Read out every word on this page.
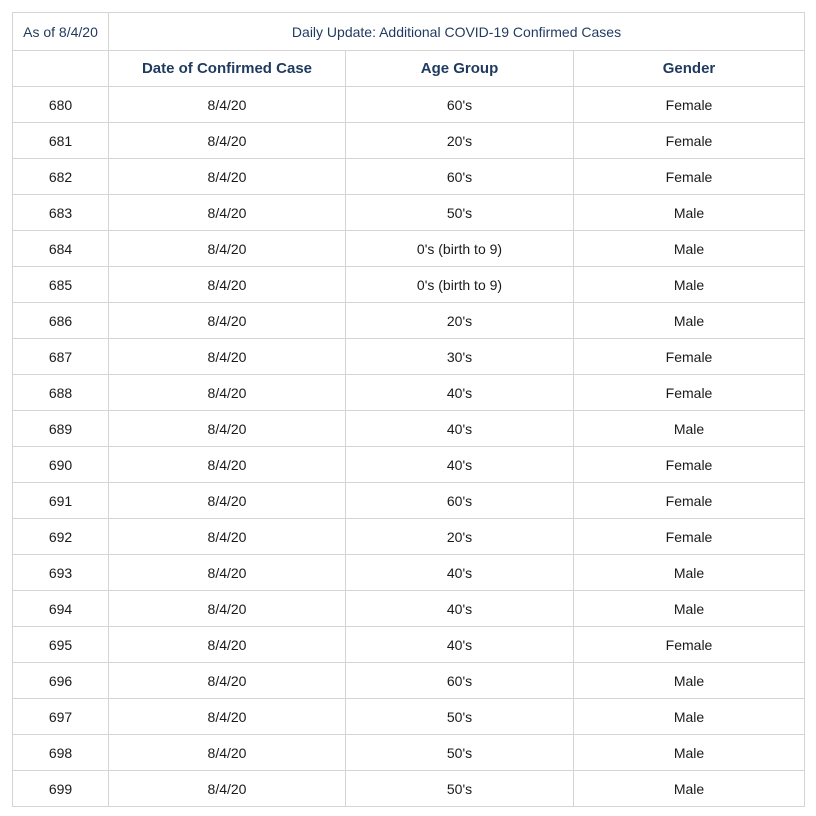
As of 8/4/20	Daily Update: Additional COVID-19 Confirmed Cases		
	Date of Confirmed Case	Age Group	Gender
680	8/4/20	60's	Female
681	8/4/20	20's	Female
682	8/4/20	60's	Female
683	8/4/20	50's	Male
684	8/4/20	0's (birth to 9)	Male
685	8/4/20	0's (birth to 9)	Male
686	8/4/20	20's	Male
687	8/4/20	30's	Female
688	8/4/20	40's	Female
689	8/4/20	40's	Male
690	8/4/20	40's	Female
691	8/4/20	60's	Female
692	8/4/20	20's	Female
693	8/4/20	40's	Male
694	8/4/20	40's	Male
695	8/4/20	40's	Female
696	8/4/20	60's	Male
697	8/4/20	50's	Male
698	8/4/20	50's	Male
699	8/4/20	50's	Male
